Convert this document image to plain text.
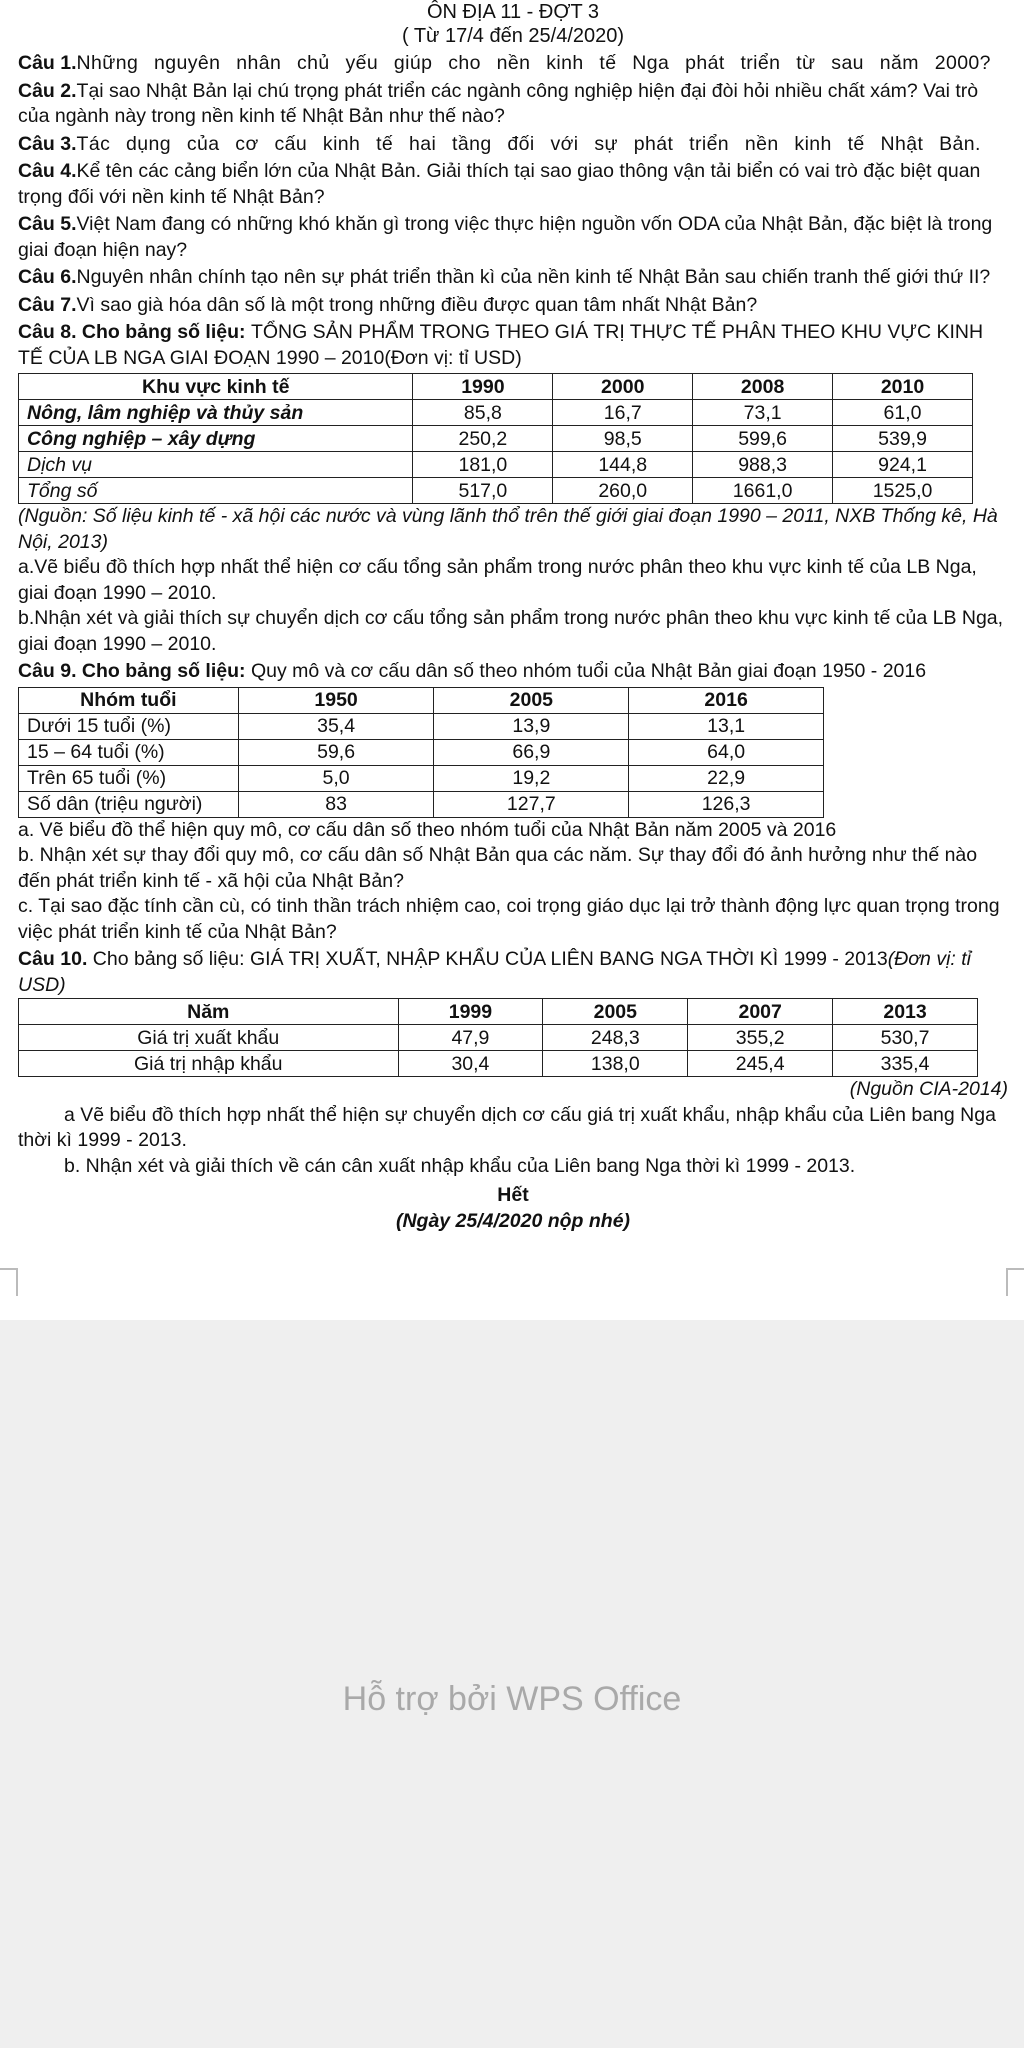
ÔN ĐỊA 11 - ĐỢT 3

( Từ 17/4 đến 25/4/2020)

Câu 1.Những nguyên nhân chủ yếu giúp cho nền kinh tế Nga phát triển từ sau năm 2000?

Câu 2.Tại sao Nhật Bản lại chú trọng phát triển các ngành công nghiệp hiện đại đòi hỏi nhiều chất xám? Vai trò của ngành này trong nền kinh tế Nhật Bản như thế nào?

Câu 3.Tác dụng của cơ cấu kinh tế hai tầng đối với sự phát triển nền kinh tế Nhật Bản.

Câu 4.Kể tên các cảng biển lớn của Nhật Bản. Giải thích tại sao giao thông vận tải biển có vai trò đặc biệt quan trọng đối với nền kinh tế Nhật Bản?

Câu 5.Việt Nam đang có những khó khăn gì trong việc thực hiện nguồn vốn ODA của Nhật Bản, đặc biệt là trong giai đoạn hiện nay?

Câu 6.Nguyên nhân chính tạo nên sự phát triển thần kì của nền kinh tế Nhật Bản sau chiến tranh thế giới thứ II?

Câu 7.Vì sao già hóa dân số là một trong những điều được quan tâm nhất Nhật Bản?

Câu 8. Cho bảng số liệu: TỔNG SẢN PHẨM TRONG THEO GIÁ TRỊ THỰC TẾ PHÂN THEO KHU VỰC KINH TẾ CỦA LB NGA GIAI ĐOẠN 1990 – 2010(Đơn vị: tỉ USD)

Khu vực kinh tế	1990	2000	2008	2010
Nông, lâm nghiệp và thủy sản	85,8	16,7	73,1	61,0
Công nghiệp – xây dựng	250,2	98,5	599,6	539,9
Dịch vụ	181,0	144,8	988,3	924,1
Tổng số	517,0	260,0	1661,0	1525,0

(Nguồn: Số liệu kinh tế - xã hội các nước và vùng lãnh thổ trên thế giới giai đoạn 1990 – 2011, NXB Thống kê, Hà Nội, 2013)

a.Vẽ biểu đồ thích hợp nhất thể hiện cơ cấu tổng sản phẩm trong nước phân theo khu vực kinh tế của LB Nga, giai đoạn 1990 – 2010.

b.Nhận xét và giải thích sự chuyển dịch cơ cấu tổng sản phẩm trong nước phân theo khu vực kinh tế của LB Nga, giai đoạn 1990 – 2010.

Câu 9. Cho bảng số liệu: Quy mô và cơ cấu dân số theo nhóm tuổi của Nhật Bản giai đoạn 1950 - 2016

Nhóm tuổi	1950	2005	2016
Dưới 15 tuổi (%)	35,4	13,9	13,1
15 – 64 tuổi (%)	59,6	66,9	64,0
Trên 65 tuổi (%)	5,0	19,2	22,9
Số dân (triệu người)	83	127,7	126,3

a. Vẽ biểu đồ thể hiện quy mô, cơ cấu dân số theo nhóm tuổi của Nhật Bản năm 2005 và 2016

b. Nhận xét sự thay đổi quy mô, cơ cấu dân số Nhật Bản qua các năm. Sự thay đổi đó ảnh hưởng như thế nào đến phát triển kinh tế - xã hội của Nhật Bản?

c. Tại sao đặc tính cần cù, có tinh thần trách nhiệm cao, coi trọng giáo dục lại trở thành động lực quan trọng trong việc phát triển kinh tế của Nhật Bản?

Câu 10. Cho bảng số liệu: GIÁ TRỊ XUẤT, NHẬP KHẨU CỦA LIÊN BANG NGA THỜI KÌ 1999 - 2013(Đơn vị: tỉ USD)

Năm	1999	2005	2007	2013
Giá trị xuất khẩu	47,9	248,3	355,2	530,7
Giá trị nhập khẩu	30,4	138,0	245,4	335,4

(Nguồn CIA-2014)

a Vẽ biểu đồ thích hợp nhất thể hiện sự chuyển dịch cơ cấu giá trị xuất khẩu, nhập khẩu của Liên bang Nga thời kì 1999 - 2013.

b. Nhận xét và giải thích về cán cân xuất nhập khẩu của Liên bang Nga thời kì 1999 - 2013.

Hết

(Ngày 25/4/2020 nộp nhé)

Hỗ trợ bởi WPS Office
